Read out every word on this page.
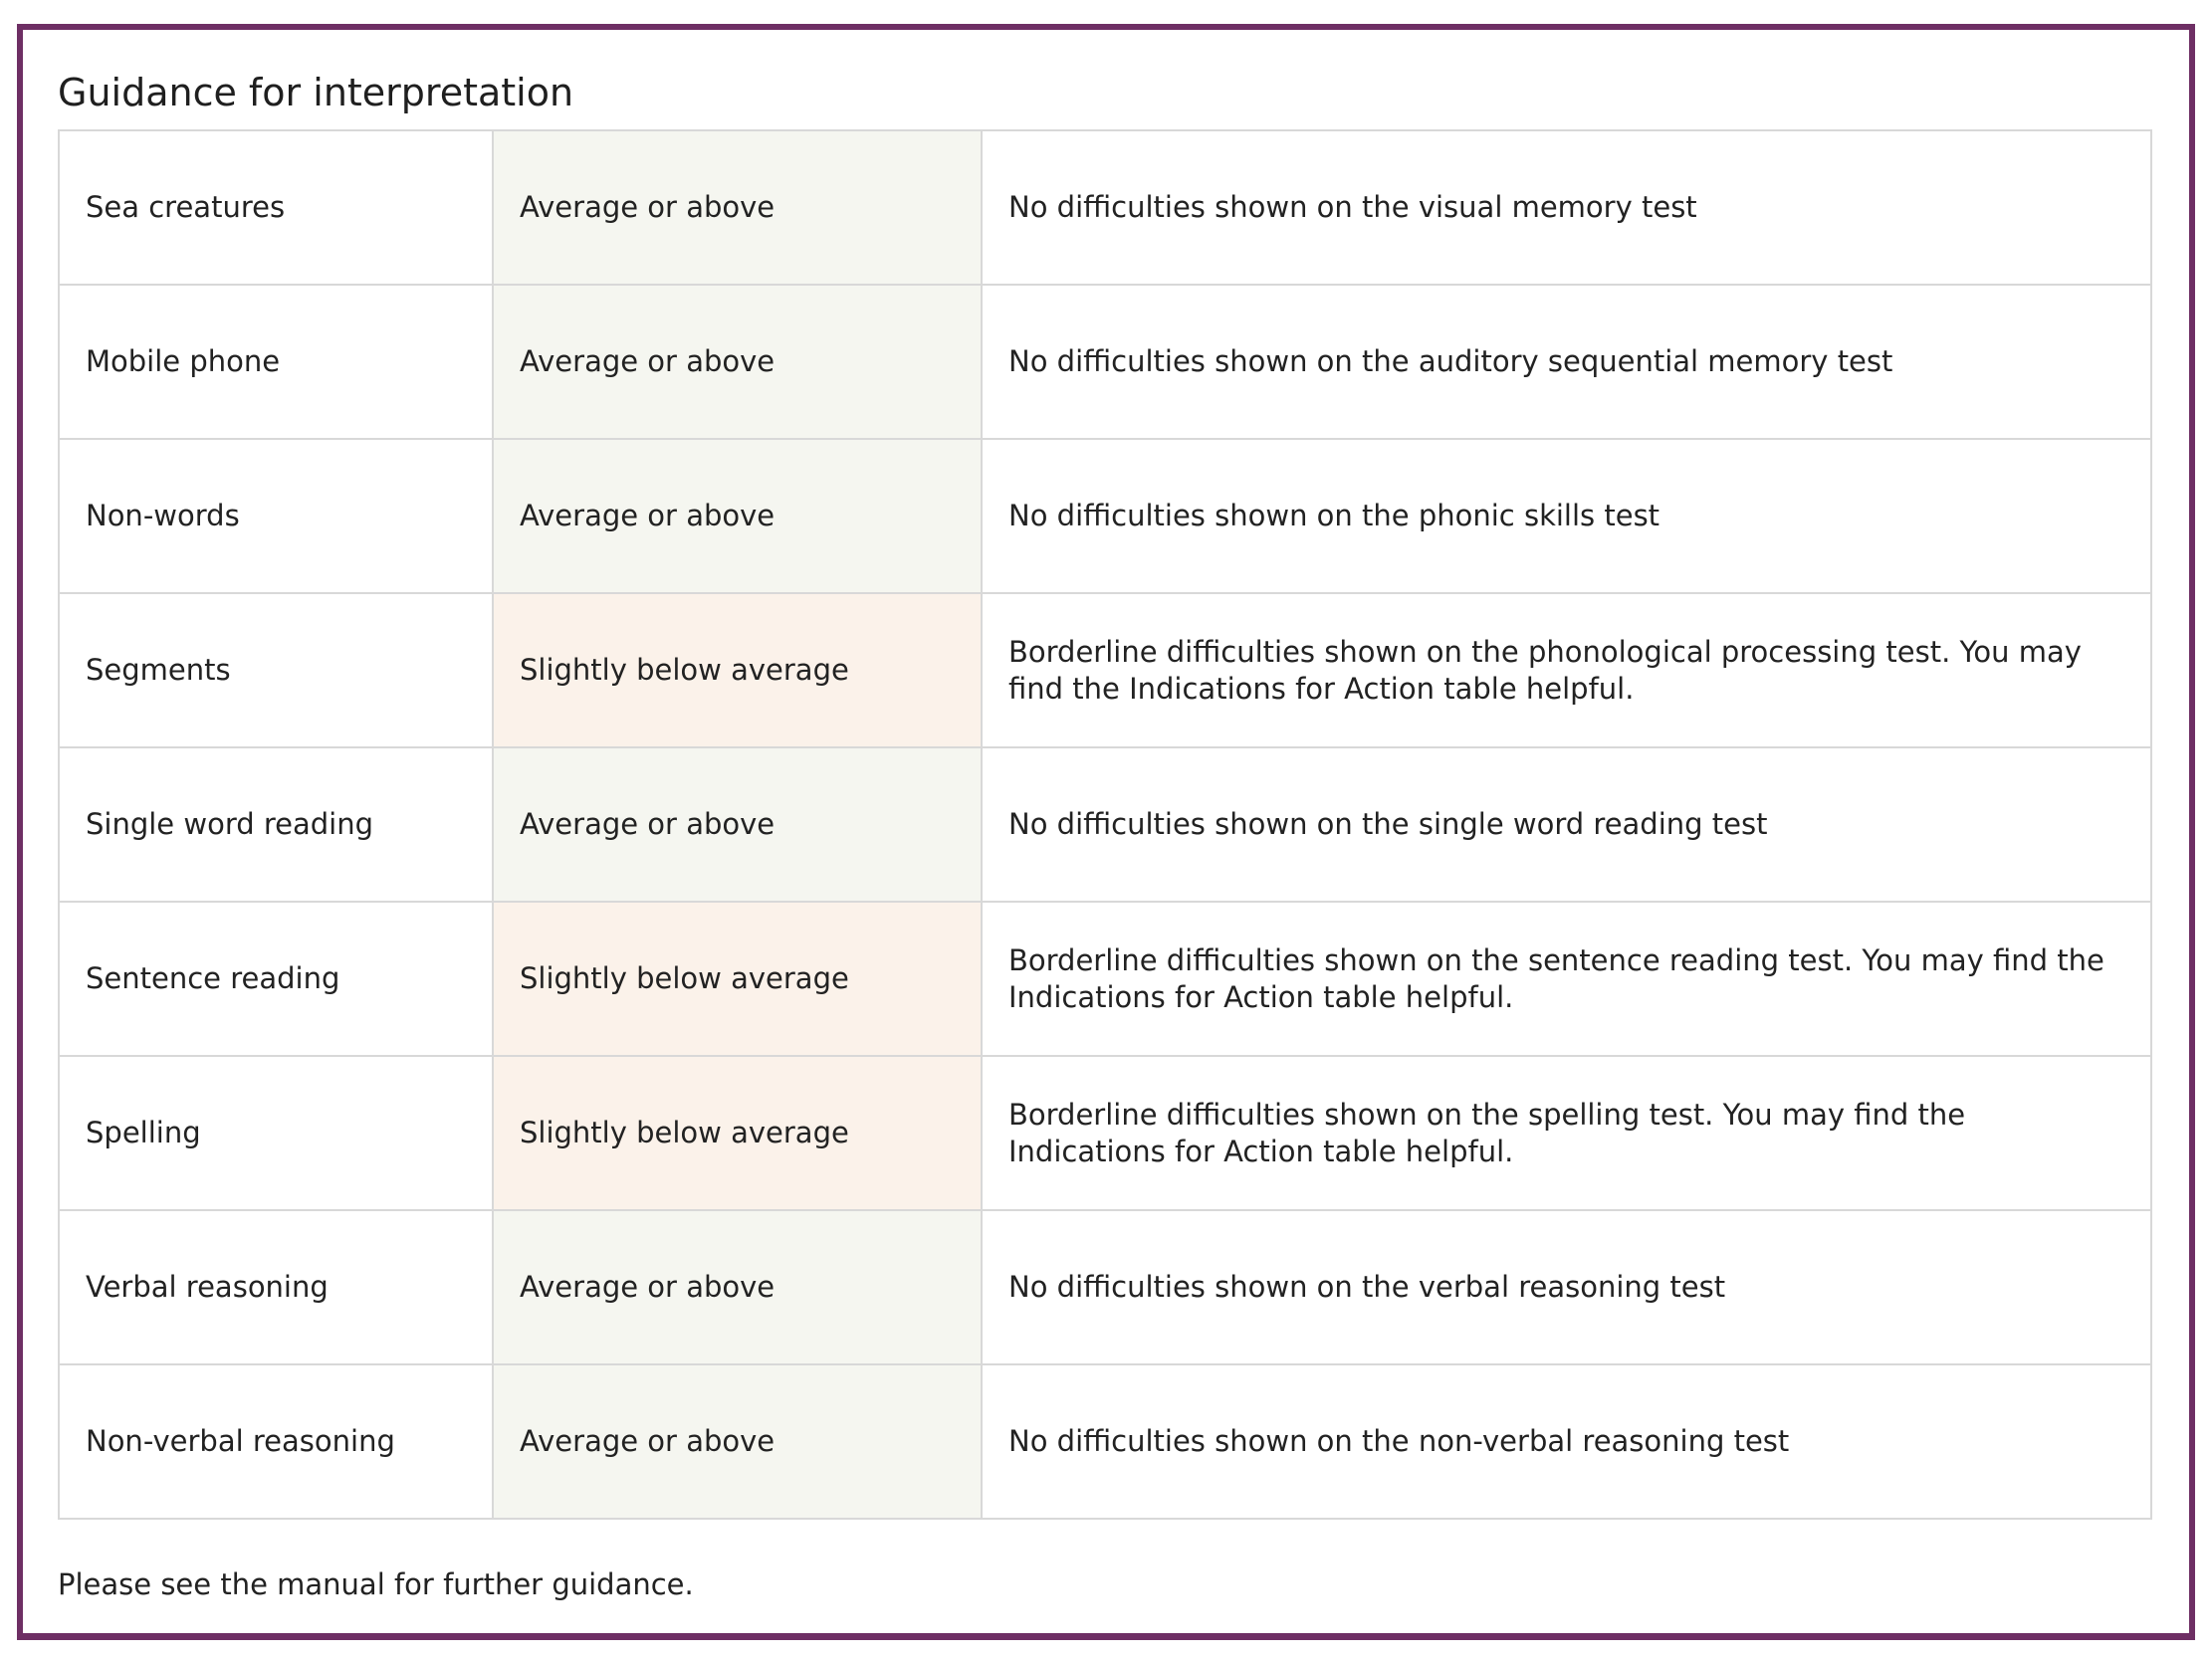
Guidance for interpretation
Sea creatures	Average or above	No difficulties shown on the visual memory test
Mobile phone	Average or above	No difficulties shown on the auditory sequential memory test
Non-words	Average or above	No difficulties shown on the phonic skills test
Segments	Slightly below average	Borderline difficulties shown on the phonological processing test. You may find the Indications for Action table helpful.
Single word reading	Average or above	No difficulties shown on the single word reading test
Sentence reading	Slightly below average	Borderline difficulties shown on the sentence reading test. You may find the Indications for Action table helpful.
Spelling	Slightly below average	Borderline difficulties shown on the spelling test. You may find the Indications for Action table helpful.
Verbal reasoning	Average or above	No difficulties shown on the verbal reasoning test
Non-verbal reasoning	Average or above	No difficulties shown on the non-verbal reasoning test

Please see the manual for further guidance.
